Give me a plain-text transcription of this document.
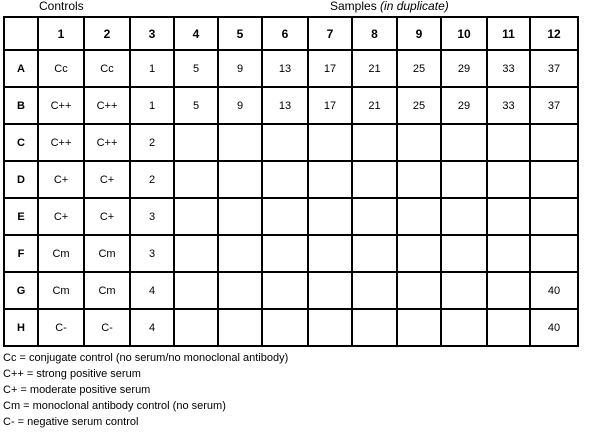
Controls	Samples (in duplicate)
	1	2	3	4	5	6	7	8	9	10	11	12
A	Cc	Cc	1	5	9	13	17	21	25	29	33	37
B	C++	C++	1	5	9	13	17	21	25	29	33	37
C	C++	C++	2									
D	C+	C+	2									
E	C+	C+	3									
F	Cm	Cm	3									
G	Cm	Cm	4									40
H	C-	C-	4									40
Cc = conjugate control (no serum/no monoclonal antibody)
C++ = strong positive serum
C+ = moderate positive serum
Cm = monoclonal antibody control (no serum)
C- = negative serum control
